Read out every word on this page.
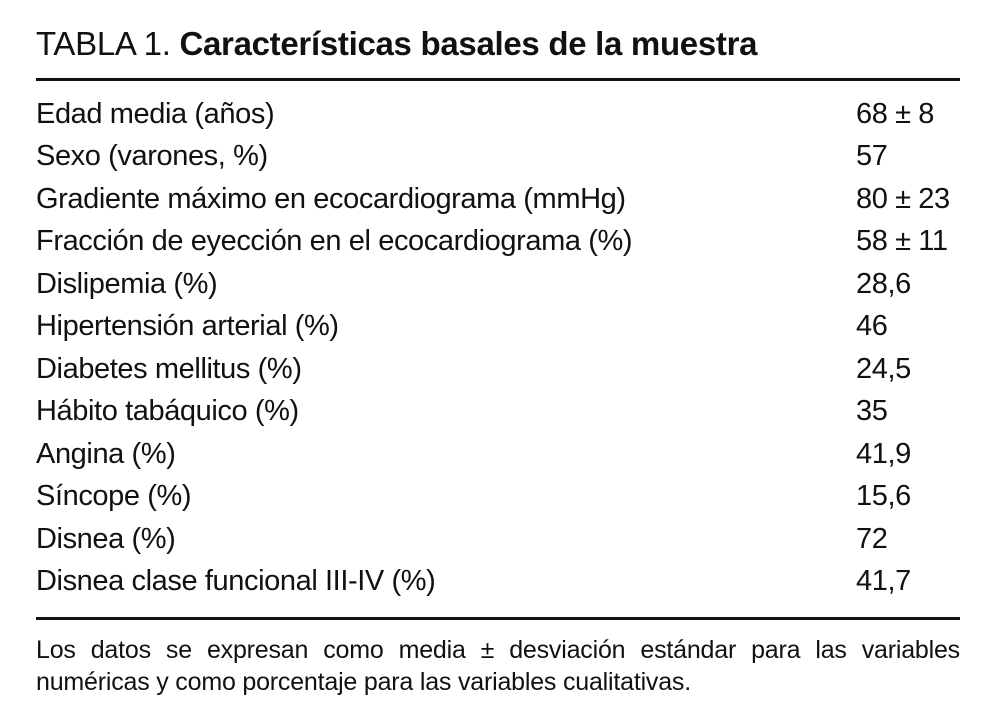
TABLA 1. Características basales de la muestra
Edad media (años)	68 ± 8
Sexo (varones, %)	57
Gradiente máximo en ecocardiograma (mmHg)	80 ± 23
Fracción de eyección en el ecocardiograma (%)	58 ± 11
Dislipemia (%)	28,6
Hipertensión arterial (%)	46
Diabetes mellitus (%)	24,5
Hábito tabáquico (%)	35
Angina (%)	41,9
Síncope (%)	15,6
Disnea (%)	72
Disnea clase funcional III-IV (%)	41,7
Los datos se expresan como media ± desviación estándar para las variables numéricas y como porcentaje para las variables cualitativas.
